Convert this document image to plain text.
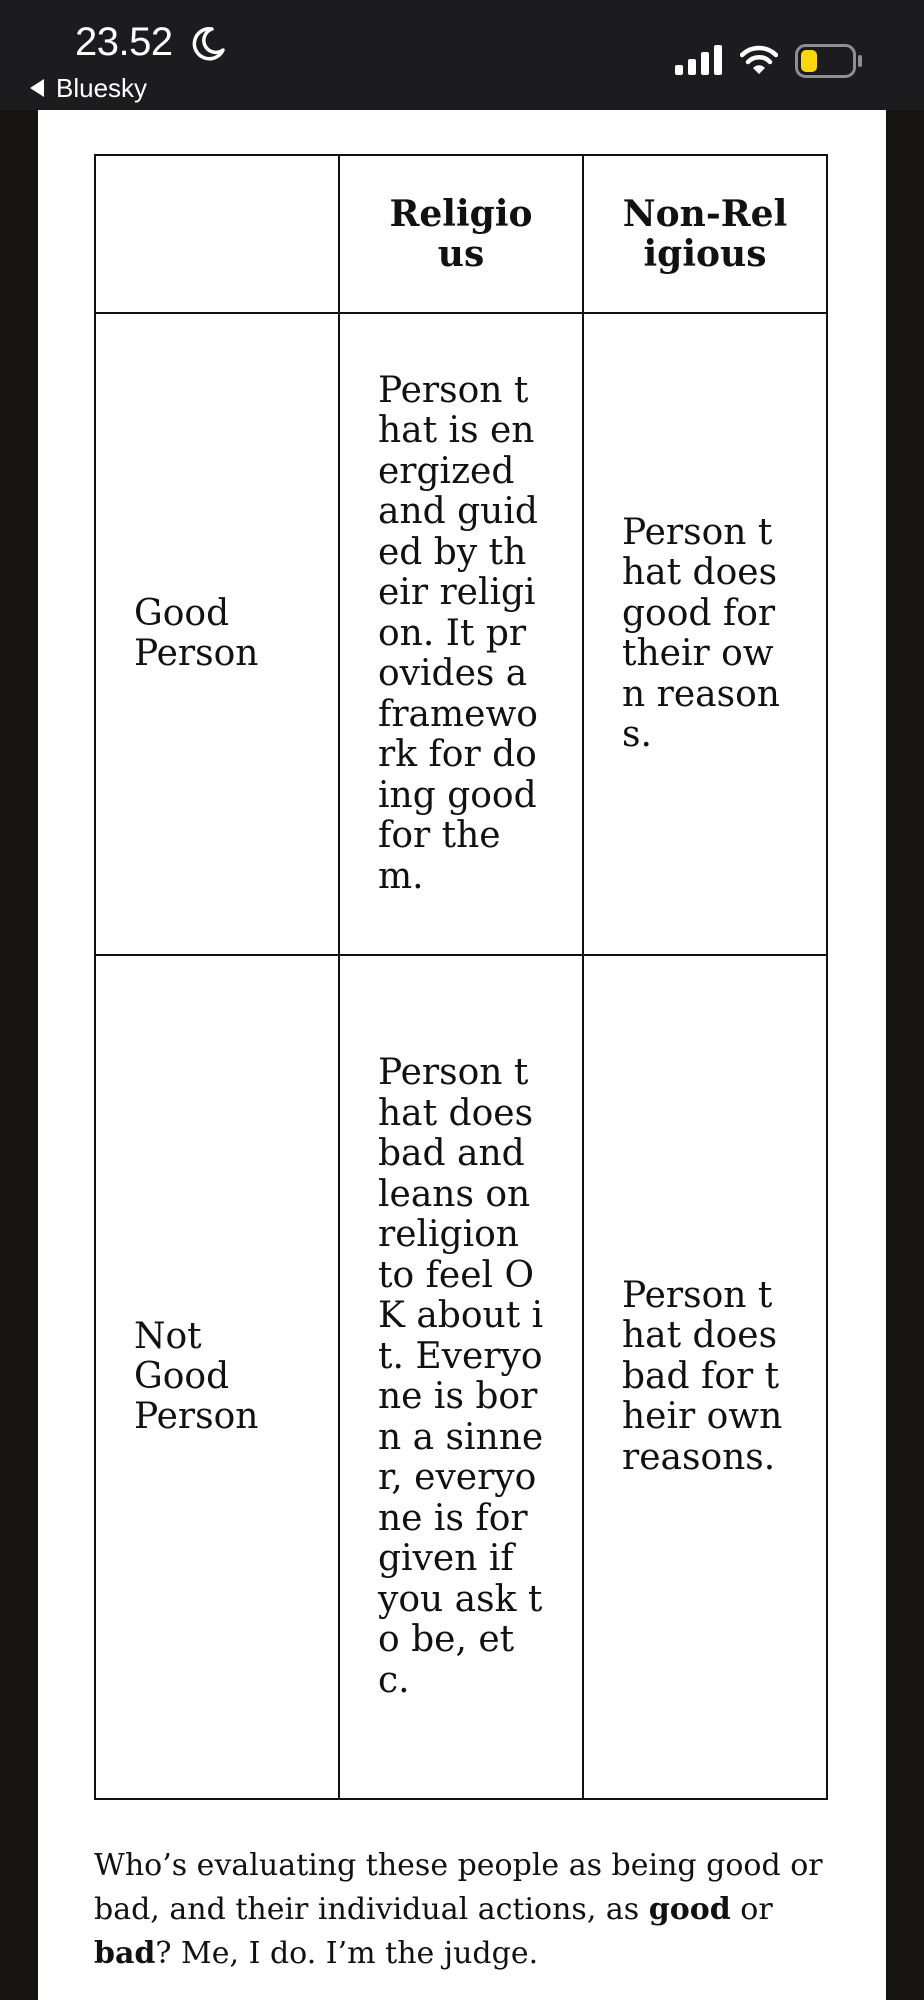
23.52
Bluesky
	Religious	Non-Religious
Good Person	Person that is energized and guided by their religion. It provides a framework for doing good for them.	Person that does good for their own reasons.
Not Good Person	Person that does bad and leans on religion to feel OK about it. Everyone is born a sinner, everyone is forgiven if you ask to be, etc.	Person that does bad for their own reasons.

Who’s evaluating these people as being good or bad, and their individual actions, as good or bad? Me, I do. I’m the judge.
